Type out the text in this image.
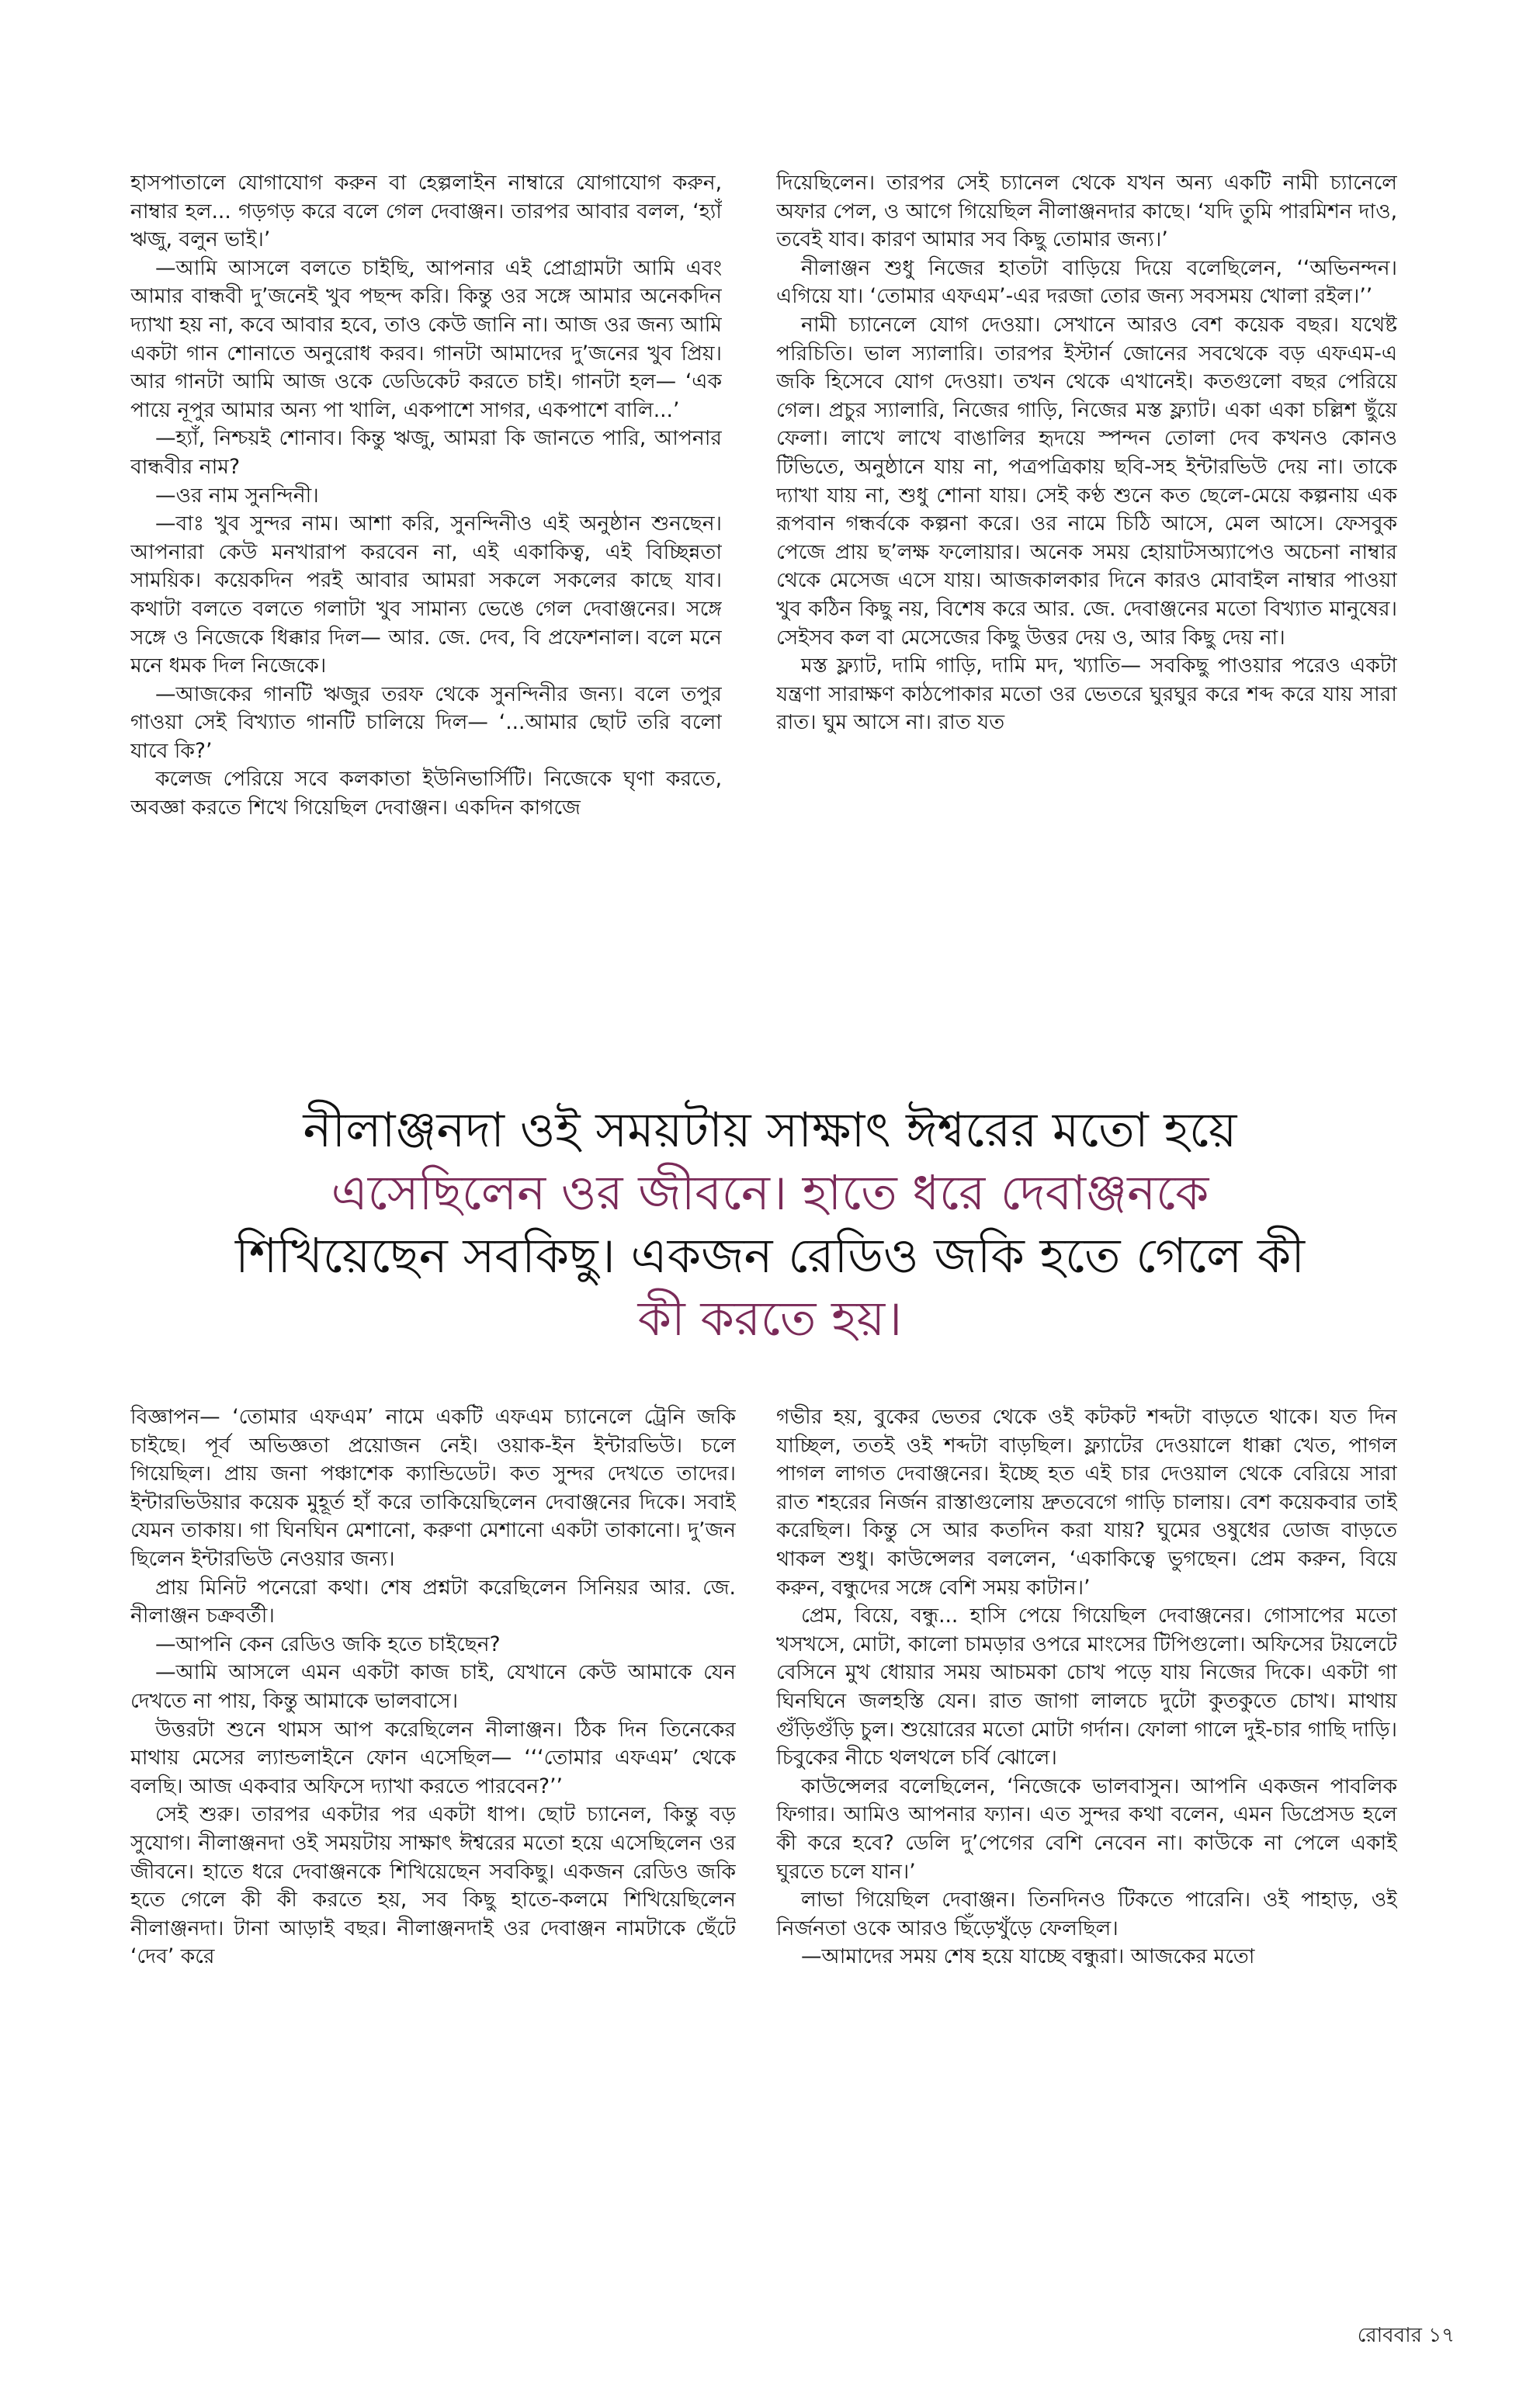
হাসপাতালে যোগাযোগ করুন বা হেল্পলাইন নাম্বারে যোগাযোগ করুন, নাম্বার হল... গড়গড় করে বলে গেল দেবাঞ্জন। তারপর আবার বলল, ‘হ্যাঁ ঋজু, বলুন ভাই।’

—আমি আসলে বলতে চাইছি, আপনার এই প্রোগ্রামটা আমি এবং আমার বান্ধবী দু’জনেই খুব পছন্দ করি। কিন্তু ওর সঙ্গে আমার অনেকদিন দ্যাখা হয় না, কবে আবার হবে, তাও কেউ জানি না। আজ ওর জন্য আমি একটা গান শোনাতে অনুরোধ করব। গানটা আমাদের দু’জনের খুব প্রিয়। আর গানটা আমি আজ ওকে ডেডিকেট করতে চাই। গানটা হল— ‘এক পায়ে নূপুর আমার অন্য পা খালি, একপাশে সাগর, একপাশে বালি...’

—হ্যাঁ, নিশ্চয়ই শোনাব। কিন্তু ঋজু, আমরা কি জানতে পারি, আপনার বান্ধবীর নাম?

—ওর নাম সুনন্দিনী।

—বাঃ খুব সুন্দর নাম। আশা করি, সুনন্দিনীও এই অনুষ্ঠান শুনছেন। আপনারা কেউ মনখারাপ করবেন না, এই একাকিত্ব, এই বিচ্ছিন্নতা সাময়িক। কয়েকদিন পরই আবার আমরা সকলে সকলের কাছে যাব। কথাটা বলতে বলতে গলাটা খুব সামান্য ভেঙে গেল দেবাঞ্জনের। সঙ্গে সঙ্গে ও নিজেকে ধিক্কার দিল— আর. জে. দেব, বি প্রফেশনাল। বলে মনে মনে ধমক দিল নিজেকে।

—আজকের গানটি ঋজুর তরফ থেকে সুনন্দিনীর জন্য। বলে তপুর গাওয়া সেই বিখ্যাত গানটি চালিয়ে দিল— ‘...আমার ছোট তরি বলো যাবে কি?’

কলেজ পেরিয়ে সবে কলকাতা ইউনিভার্সিটি। নিজেকে ঘৃণা করতে, অবজ্ঞা করতে শিখে গিয়েছিল দেবাঞ্জন। একদিন কাগজে

দিয়েছিলেন। তারপর সেই চ্যানেল থেকে যখন অন্য একটি নামী চ্যানেলে অফার পেল, ও আগে গিয়েছিল নীলাঞ্জনদার কাছে। ‘যদি তুমি পারমিশন দাও, তবেই যাব। কারণ আমার সব কিছু তোমার জন্য।’

নীলাঞ্জন শুধু নিজের হাতটা বাড়িয়ে দিয়ে বলেছিলেন, ‘‘অভিনন্দন। এগিয়ে যা। ‘তোমার এফএম’-এর দরজা তোর জন্য সবসময় খোলা রইল।’’

নামী চ্যানেলে যোগ দেওয়া। সেখানে আরও বেশ কয়েক বছর। যথেষ্ট পরিচিতি। ভাল স্যালারি। তারপর ইস্টার্ন জোনের সবথেকে বড় এফএম-এ জকি হিসেবে যোগ দেওয়া। তখন থেকে এখানেই। কতগুলো বছর পেরিয়ে গেল। প্রচুর স্যালারি, নিজের গাড়ি, নিজের মস্ত ফ্ল্যাট। একা একা চল্লিশ ছুঁয়ে ফেলা। লাখে লাখে বাঙালির হৃদয়ে স্পন্দন তোলা দেব কখনও কোনও টিভিতে, অনুষ্ঠানে যায় না, পত্রপত্রিকায় ছবি-সহ ইন্টারভিউ দেয় না। তাকে দ্যাখা যায় না, শুধু শোনা যায়। সেই কণ্ঠ শুনে কত ছেলে-মেয়ে কল্পনায় এক রূপবান গন্ধর্বকে কল্পনা করে। ওর নামে চিঠি আসে, মেল আসে। ফেসবুক পেজে প্রায় ছ’লক্ষ ফলোয়ার। অনেক সময় হোয়াটসঅ্যাপেও অচেনা নাম্বার থেকে মেসেজ এসে যায়। আজকালকার দিনে কারও মোবাইল নাম্বার পাওয়া খুব কঠিন কিছু নয়, বিশেষ করে আর. জে. দেবাঞ্জনের মতো বিখ্যাত মানুষের। সেইসব কল বা মেসেজের কিছু উত্তর দেয় ও, আর কিছু দেয় না।

মস্ত ফ্ল্যাট, দামি গাড়ি, দামি মদ, খ্যাতি— সবকিছু পাওয়ার পরেও একটা যন্ত্রণা সারাক্ষণ কাঠপোকার মতো ওর ভেতরে ঘুরঘুর করে শব্দ করে যায় সারা রাত। ঘুম আসে না। রাত যত

নীলাঞ্জনদা ওই সময়টায় সাক্ষাৎ ঈশ্বরের মতো হয়ে
এসেছিলেন ওর জীবনে। হাতে ধরে দেবাঞ্জনকে
শিখিয়েছেন সবকিছু। একজন রেডিও জকি হতে গেলে কী
কী করতে হয়।

বিজ্ঞাপন— ‘তোমার এফএম’ নামে একটি এফএম চ্যানেলে ট্রেনি জকি চাইছে। পূর্ব অভিজ্ঞতা প্রয়োজন নেই। ওয়াক-ইন ইন্টারভিউ। চলে গিয়েছিল। প্রায় জনা পঞ্চাশেক ক্যান্ডিডেট। কত সুন্দর দেখতে তাদের। ইন্টারভিউয়ার কয়েক মুহূর্ত হাঁ করে তাকিয়েছিলেন দেবাঞ্জনের দিকে। সবাই যেমন তাকায়। গা ঘিনঘিন মেশানো, করুণা মেশানো একটা তাকানো। দু’জন ছিলেন ইন্টারভিউ নেওয়ার জন্য।

প্রায় মিনিট পনেরো কথা। শেষ প্রশ্নটা করেছিলেন সিনিয়র আর. জে. নীলাঞ্জন চক্রবর্তী।

—আপনি কেন রেডিও জকি হতে চাইছেন?

—আমি আসলে এমন একটা কাজ চাই, যেখানে কেউ আমাকে যেন দেখতে না পায়, কিন্তু আমাকে ভালবাসে।

উত্তরটা শুনে থামস আপ করেছিলেন নীলাঞ্জন। ঠিক দিন তিনেকের মাথায় মেসের ল্যান্ডলাইনে ফোন এসেছিল— ‘‘‘তোমার এফএম’ থেকে বলছি। আজ একবার অফিসে দ্যাখা করতে পারবেন?’’

সেই শুরু। তারপর একটার পর একটা ধাপ। ছোট চ্যানেল, কিন্তু বড় সুযোগ। নীলাঞ্জনদা ওই সময়টায় সাক্ষাৎ ঈশ্বরের মতো হয়ে এসেছিলেন ওর জীবনে। হাতে ধরে দেবাঞ্জনকে শিখিয়েছেন সবকিছু। একজন রেডিও জকি হতে গেলে কী কী করতে হয়, সব কিছু হাতে-কলমে শিখিয়েছিলেন নীলাঞ্জনদা। টানা আড়াই বছর। নীলাঞ্জনদাই ওর দেবাঞ্জন নামটাকে ছেঁটে ‘দেব’ করে

গভীর হয়, বুকের ভেতর থেকে ওই কটকট শব্দটা বাড়তে থাকে। যত দিন যাচ্ছিল, ততই ওই শব্দটা বাড়ছিল। ফ্ল্যাটের দেওয়ালে ধাক্কা খেত, পাগল পাগল লাগত দেবাঞ্জনের। ইচ্ছে হত এই চার দেওয়াল থেকে বেরিয়ে সারা রাত শহরের নির্জন রাস্তাগুলোয় দ্রুতবেগে গাড়ি চালায়। বেশ কয়েকবার তাই করেছিল। কিন্তু সে আর কতদিন করা যায়? ঘুমের ওষুধের ডোজ বাড়তে থাকল শুধু। কাউন্সেলর বললেন, ‘একাকিত্বে ভুগছেন। প্রেম করুন, বিয়ে করুন, বন্ধুদের সঙ্গে বেশি সময় কাটান।’

প্রেম, বিয়ে, বন্ধু... হাসি পেয়ে গিয়েছিল দেবাঞ্জনের। গোসাপের মতো খসখসে, মোটা, কালো চামড়ার ওপরে মাংসের টিপিগুলো। অফিসের টয়লেটে বেসিনে মুখ ধোয়ার সময় আচমকা চোখ পড়ে যায় নিজের দিকে। একটা গা ঘিনঘিনে জলহস্তি যেন। রাত জাগা লালচে দুটো কুতকুতে চোখ। মাথায় গুঁড়িগুঁড়ি চুল। শুয়োরের মতো মোটা গর্দান। ফোলা গালে দুই-চার গাছি দাড়ি। চিবুকের নীচে থলথলে চর্বি ঝোলে।

কাউন্সেলর বলেছিলেন, ‘নিজেকে ভালবাসুন। আপনি একজন পাবলিক ফিগার। আমিও আপনার ফ্যান। এত সুন্দর কথা বলেন, এমন ডিপ্রেসড হলে কী করে হবে? ডেলি দু’পেগের বেশি নেবেন না। কাউকে না পেলে একাই ঘুরতে চলে যান।’

লাভা গিয়েছিল দেবাঞ্জন। তিনদিনও টিকতে পারেনি। ওই পাহাড়, ওই নির্জনতা ওকে আরও ছিঁড়েখুঁড়ে ফেলছিল।

—আমাদের সময় শেষ হয়ে যাচ্ছে বন্ধুরা। আজকের মতো

রোববার ১৭
